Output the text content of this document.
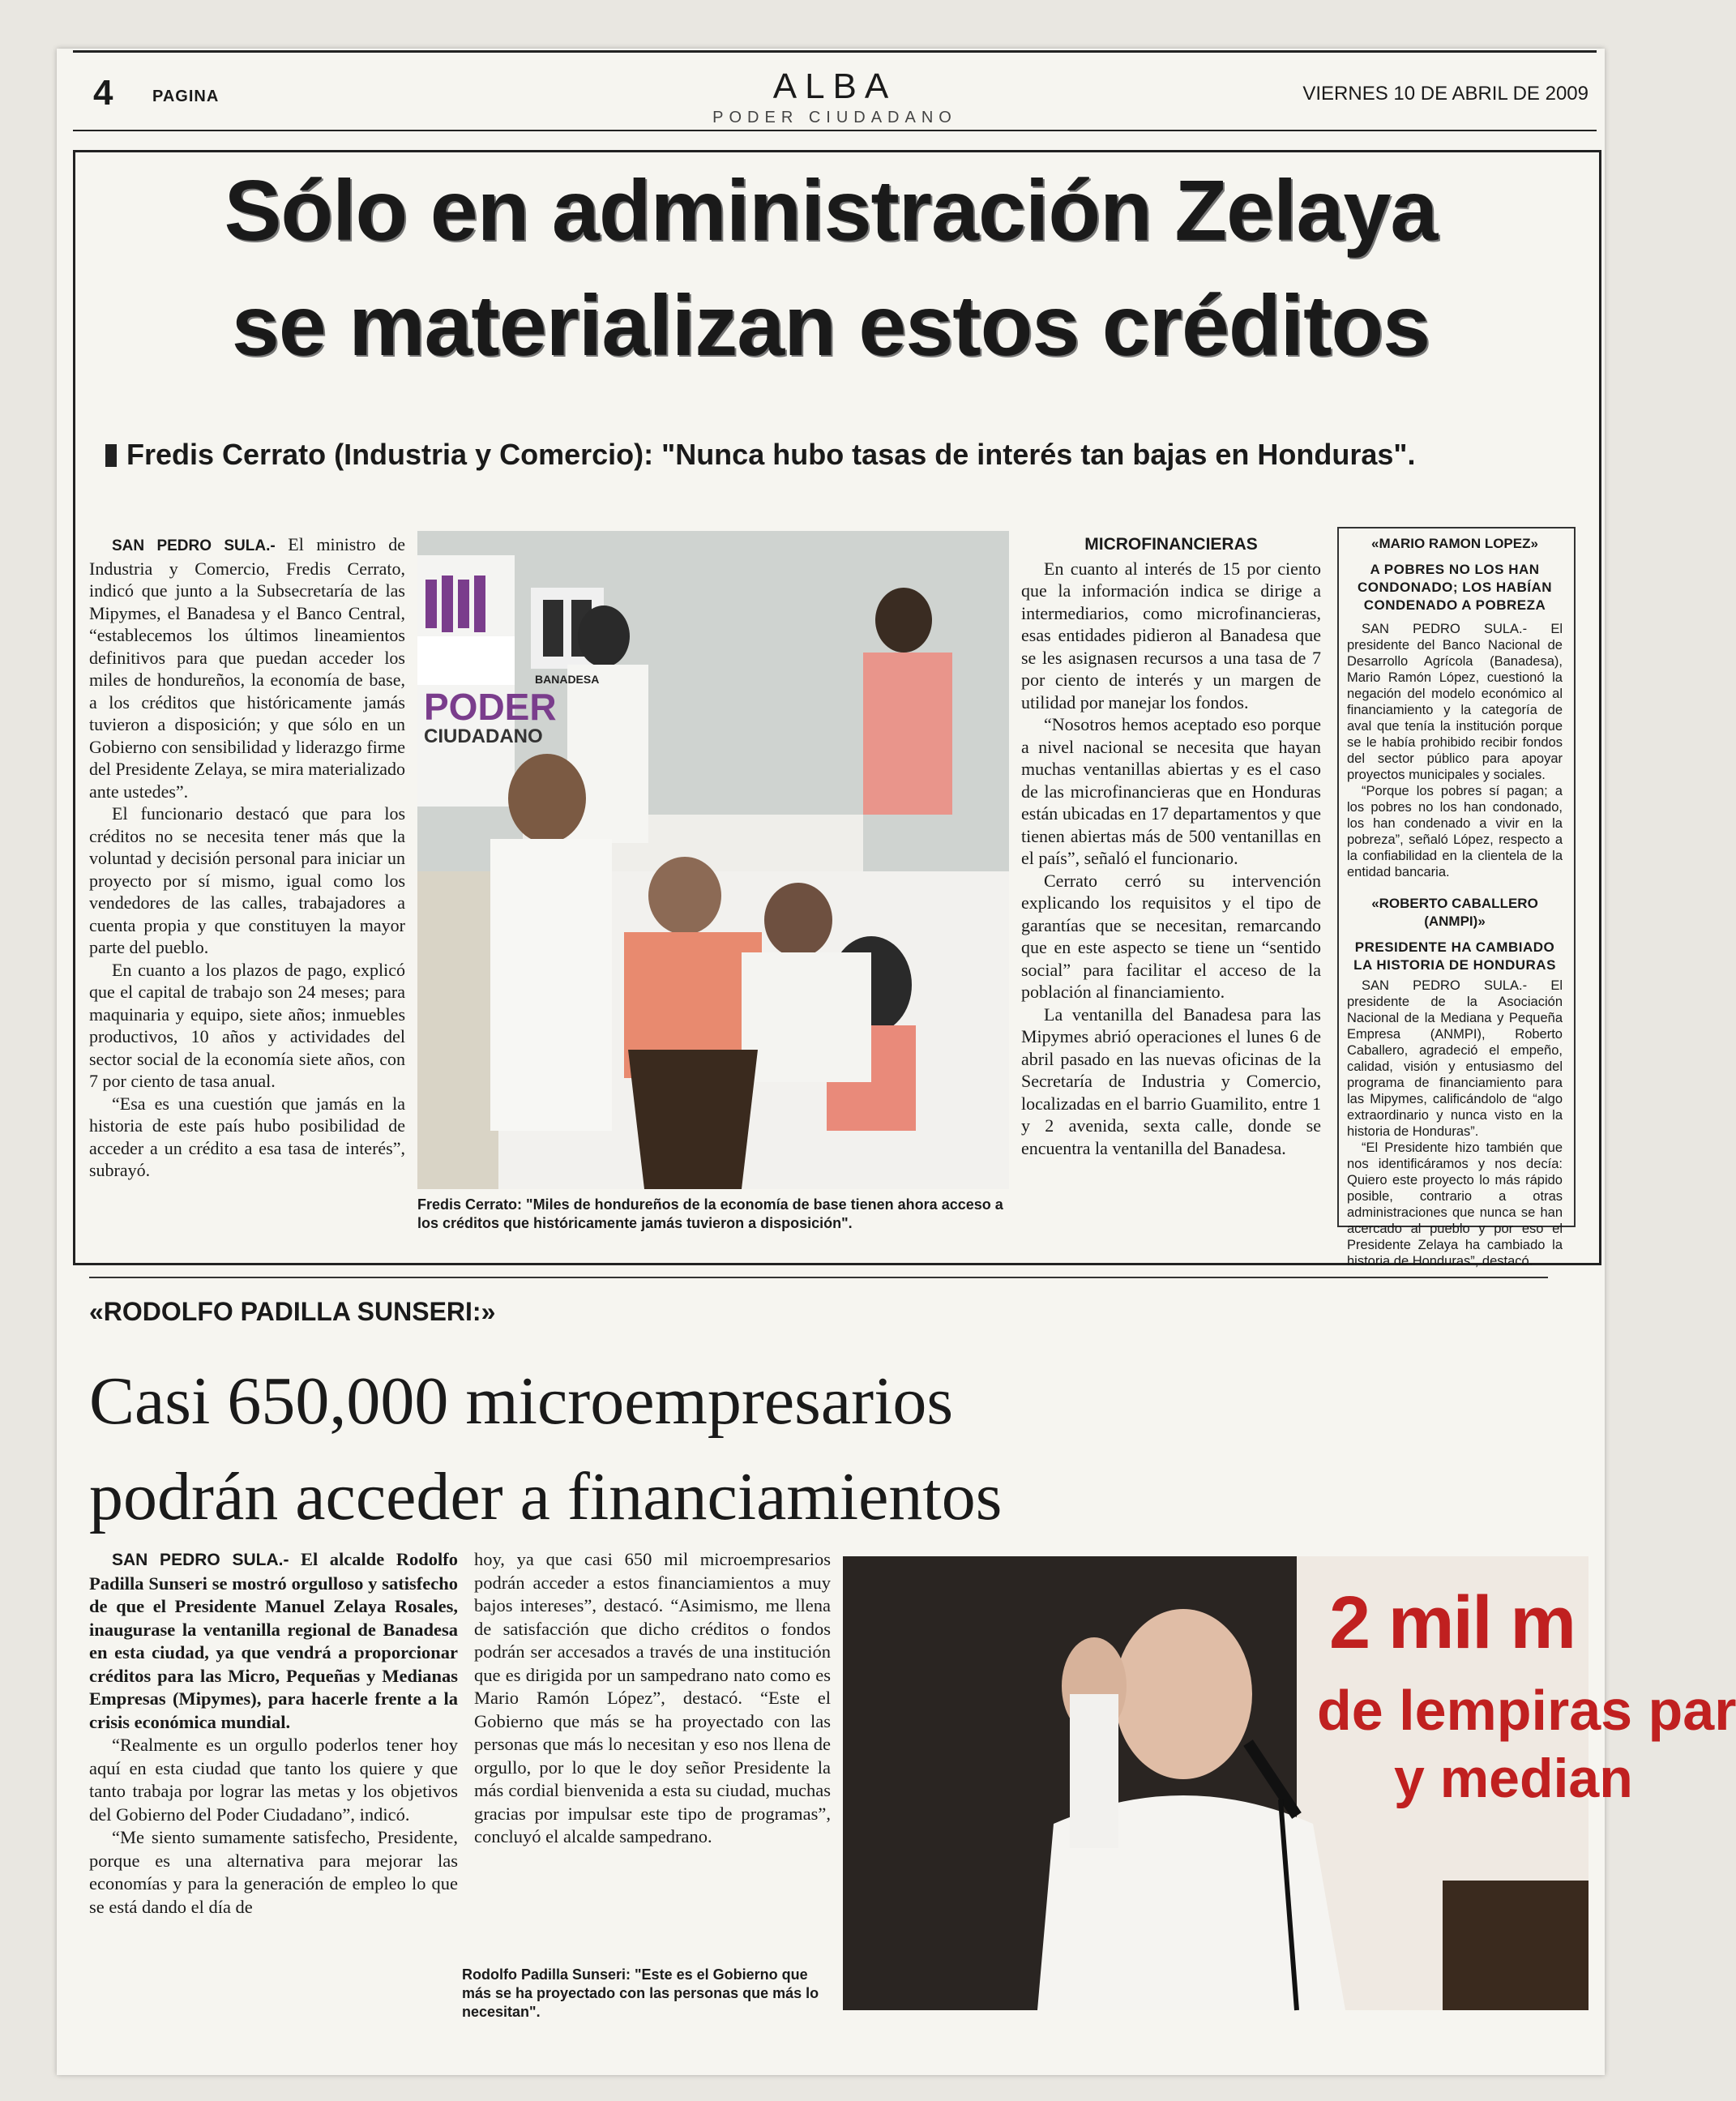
4 PAGINA	ALBA
PODER CIUDADANO
VIERNES 10 DE ABRIL DE 2009
Sólo en administración Zelaya
se materializan estos créditos
Fredis Cerrato (Industria y Comercio): "Nunca hubo tasas de interés tan bajas en Honduras".

SAN PEDRO SULA.- El ministro de Industria y Comercio, Fredis Cerrato, indicó que junto a la Subsecretaría de las Mipymes, el Banadesa y el Banco Central, “establecemos los últimos lineamientos definitivos para que puedan acceder los miles de hondureños, la economía de base, a los créditos que históricamente jamás tuvieron a disposición; y que sólo en un Gobierno con sensibilidad y liderazgo firme del Presidente Zelaya, se mira materializado ante ustedes”.

El funcionario destacó que para los créditos no se necesita tener más que la voluntad y decisión personal para iniciar un proyecto por sí mismo, igual como los vendedores de las calles, trabajadores a cuenta propia y que constituyen la mayor parte del pueblo.

En cuanto a los plazos de pago, explicó que el capital de trabajo son 24 meses; para maquinaria y equipo, siete años; inmuebles productivos, 10 años y actividades del sector social de la economía siete años, con 7 por ciento de tasa anual.

“Esa es una cuestión que jamás en la historia de este país hubo posibilidad de acceder a un crédito a esa tasa de interés”, subrayó.

PODER
CIUDADANO
BANADESA
Fredis Cerrato: "Miles de hondureños de la economía de base tienen ahora acceso a los créditos que históricamente jamás tuvieron a disposición".
MICROFINANCIERAS

En cuanto al interés de 15 por ciento que la información indica se dirige a intermediarios, como microfinancieras, esas entidades pidieron al Banadesa que se les asignasen recursos a una tasa de 7 por ciento de interés y un margen de utilidad por manejar los fondos.

“Nosotros hemos aceptado eso porque a nivel nacional se necesita que hayan muchas ventanillas abiertas y es el caso de las microfinancieras que en Honduras están ubicadas en 17 departamentos y que tienen abiertas más de 500 ventanillas en el país”, señaló el funcionario.

Cerrato cerró su intervención explicando los requisitos y el tipo de garantías que se necesitan, remarcando que en este aspecto se tiene un “sentido social” para facilitar el acceso de la población al financiamiento.

La ventanilla del Banadesa para las Mipymes abrió operaciones el lunes 6 de abril pasado en las nuevas oficinas de la Secretaría de Industria y Comercio, localizadas en el barrio Guamilito, entre 1 y 2 avenida, sexta calle, donde se encuentra la ventanilla del Banadesa.

«MARIO RAMON LOPEZ»
A POBRES NO LOS HAN CONDONADO; LOS HABÍAN CONDENADO A POBREZA

SAN PEDRO SULA.- El presidente del Banco Nacional de Desarrollo Agrícola (Banadesa), Mario Ramón López, cuestionó la negación del modelo económico al financiamiento y la categoría de aval que tenía la institución porque se le había prohibido recibir fondos del sector público para apoyar proyectos municipales y sociales.

“Porque los pobres sí pagan; a los pobres no los han condonado, los han condenado a vivir en la pobreza”, señaló López, respecto a la confiabilidad en la clientela de la entidad bancaria.

«ROBERTO CABALLERO (ANMPI)»
PRESIDENTE HA CAMBIADO LA HISTORIA DE HONDURAS

SAN PEDRO SULA.- El presidente de la Asociación Nacional de la Mediana y Pequeña Empresa (ANMPI), Roberto Caballero, agradeció el empeño, calidad, visión y entusiasmo del programa de financiamiento para las Mipymes, calificándolo de “algo extraordinario y nunca visto en la historia de Honduras”.

“El Presidente hizo también que nos identificáramos y nos decía: Quiero este proyecto lo más rápido posible, contrario a otras administraciones que nunca se han acercado al pueblo y por eso el Presidente Zelaya ha cambiado la historia de Honduras”, destacó.

«RODOLFO PADILLA SUNSERI:»
Casi 650,000 microempresarios
podrán acceder a financiamientos

SAN PEDRO SULA.- El alcalde Rodolfo Padilla Sunseri se mostró orgulloso y satisfecho de que el Presidente Manuel Zelaya Rosales, inaugurase la ventanilla regional de Banadesa en esta ciudad, ya que vendrá a proporcionar créditos para las Micro, Pequeñas y Medianas Empresas (Mipymes), para hacerle frente a la crisis económica mundial.

“Realmente es un orgullo poderlos tener hoy aquí en esta ciudad que tanto los quiere y que tanto trabaja por lograr las metas y los objetivos del Gobierno del Poder Ciudadano”, indicó.

“Me siento sumamente satisfecho, Presidente, porque es una alternativa para mejorar las economías y para la generación de empleo lo que se está dando el día de

hoy, ya que casi 650 mil microempresarios podrán acceder a estos financiamientos a muy bajos intereses”, destacó. “Asimismo, me llena de satisfacción que dicho créditos o fondos podrán ser accesados a través de una institución que es dirigida por un sampedrano nato como es Mario Ramón López”, destacó. “Este el Gobierno que más se ha proyectado con las personas que más lo necesitan y eso nos llena de orgullo, por lo que le doy señor Presidente la más cordial bienvenida a esta su ciudad, muchas gracias por impulsar este tipo de programas”, concluyó el alcalde sampedrano.

Rodolfo Padilla Sunseri: "Este es el Gobierno que más se ha proyectado con las personas que más lo necesitan".
2 mil m
de lempiras par
y median
